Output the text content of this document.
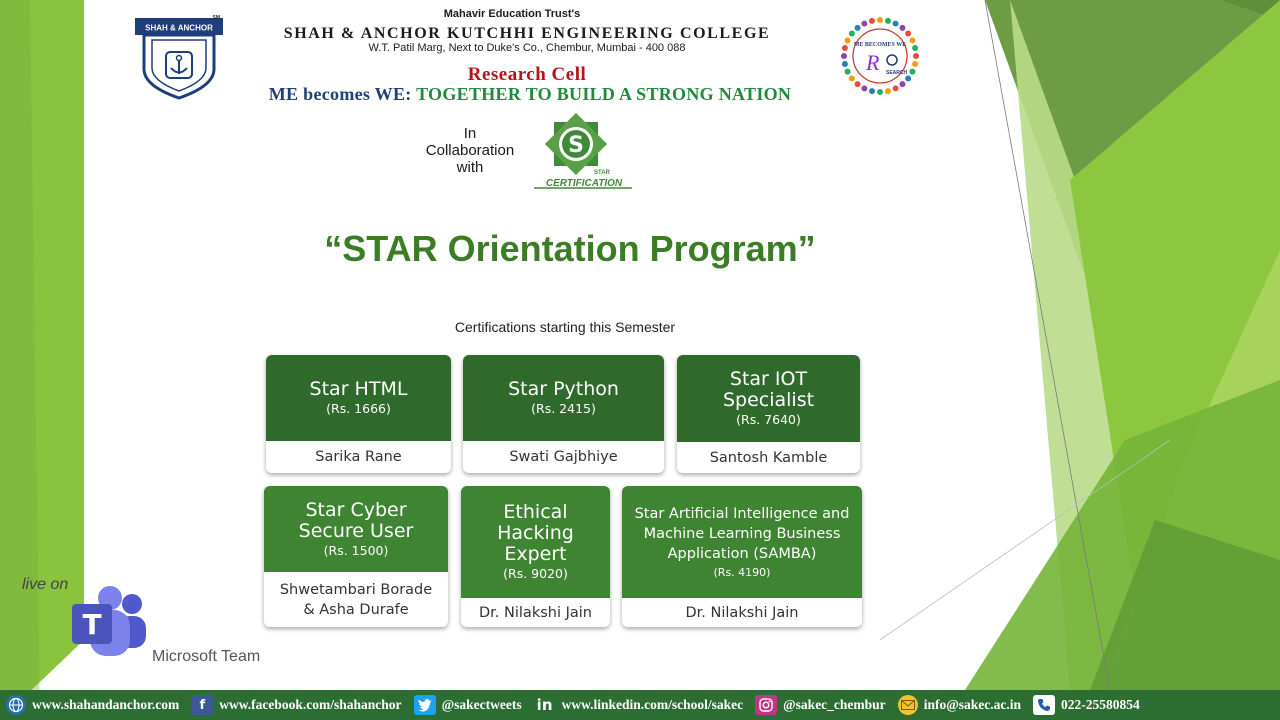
SHAH & ANCHOR
SM	Mahavir Education Trust's
SHAH & ANCHOR KUTCHHI ENGINEERING COLLEGE
W.T. Patil Marg, Next to Duke's Co., Chembur, Mumbai - 400 088
Research Cell
ME becomes WE: TOGETHER TO BUILD A STRONG NATION
ME BECOMES WE
R SEARCH
In
Collaboration
with
S
STAR
CERTIFICATION
“STAR Orientation Program”
Certifications starting this Semester
Star HTML
(Rs. 1666)
Sarika Rane
Star Python
(Rs. 2415)
Swati Gajbhiye
Star IOT Specialist
(Rs. 7640)
Santosh Kamble
Star Cyber Secure User
(Rs. 1500)
Shwetambari Borade & Asha Durafe
Ethical Hacking Expert
(Rs. 9020)
Dr. Nilakshi Jain
Star Artificial Intelligence and Machine Learning Business Application (SAMBA)
(Rs. 4190)
Dr. Nilakshi Jain
live on
T
Microsoft Team
www.shahandanchor.com	f	www.facebook.com/shahanchor	@sakectweets in www.linkedin.com/school/sakec	@sakec_chembur	info@sakec.ac.in	022-25580854
